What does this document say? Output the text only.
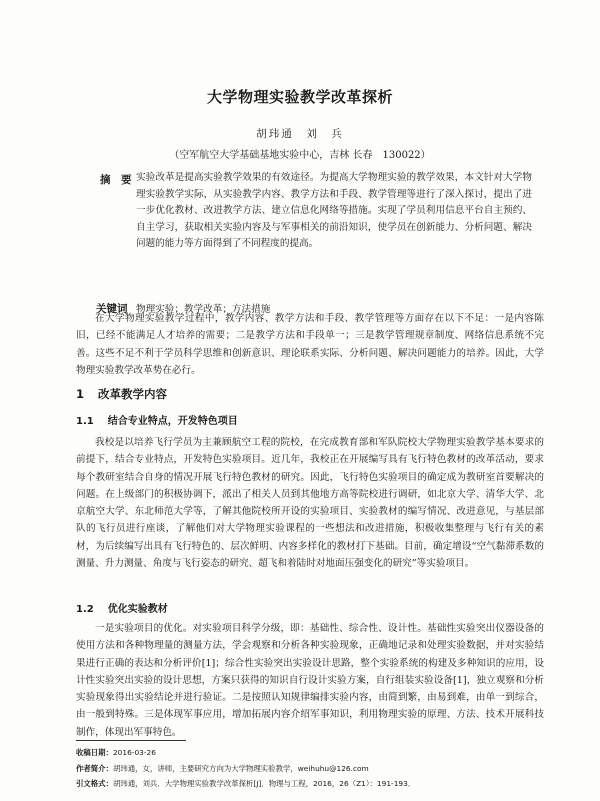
大学物理实验教学改革探析
胡玮通　刘　兵
（空军航空大学基础基地实验中心，吉林 长春　130022）
摘　要 实验改革是提高实验教学效果的有效途径。为提高大学物理实验的教学效果，本文针对大学物理实验教学实际，从实验教学内容、教学方法和手段、教学管理等进行了深入探讨，提出了进一步优化教材、改进教学方法、建立信息化网络等措施。实现了学员利用信息平台自主预约、自主学习，获取相关实验内容及与军事相关的前沿知识，使学员在创新能力、分析问题、解决问题的能力等方面得到了不同程度的提高。
关键词 物理实验；教学改革；方法措施
在大学物理实验教学过程中，教学内容、教学方法和手段、教学管理等方面存在以下不足：一是内容陈旧，已经不能满足人才培养的需要；二是教学方法和手段单一；三是教学管理规章制度、网络信息系统不完善。这些不足不利于学员科学思维和创新意识、理论联系实际、分析问题、解决问题能力的培养。因此，大学物理实验教学改革势在必行。
1 改革教学内容
1.1 结合专业特点，开发特色项目
我校是以培养飞行学员为主兼顾航空工程的院校，在完成教育部和军队院校大学物理实验教学基本要求的前提下，结合专业特点，开发特色实验项目。近几年，我校正在开展编写具有飞行特色教材的改革活动，要求每个教研室结合自身的情况开展飞行特色教材的研究。因此，飞行特色实验项目的确定成为教研室首要解决的问题。在上级部门的积极协调下，派出了相关人员到其他地方高等院校进行调研，如北京大学、清华大学、北京航空大学、东北师范大学等，了解其他院校所开设的实验项目、实验教材的编写情况、改进意见，与基层部队的飞行员进行座谈，了解他们对大学物理实验课程的一些想法和改进措施，积极收集整理与飞行有关的素材，为后续编写出具有飞行特色的、层次鲜明、内容多样化的教材打下基础。目前，确定增设“空气黏滞系数的测量、升力测量、角度与飞行姿态的研究、超飞和着陆时对地面压强变化的研究”等实验项目。
1.2 优化实验教材
一是实验项目的优化。对实验项目科学分级，即：基础性、综合性、设计性。基础性实验突出仪器设备的使用方法和各种物理量的测量方法，学会观察和分析各种实验现象，正确地记录和处理实验数据，并对实验结果进行正确的表达和分析评价[1]；综合性实验突出实验设计思路，整个实验系统的构建及多种知识的应用，设计性实验突出实验的设计思想，方案只获得的知识自行设计实验方案，自行组装实验设备[1]，独立观察和分析实验现象得出实验结论并进行验证。二是按照认知规律编排实验内容，由简到繁，由易到难，由单一到综合，由一般到特殊。三是体现军事应用，增加拓展内容介绍军事知识，利用物理实验的原理、方法、技术开展科技制作，体现出军事特色。
收稿日期：2016-03-26
作者简介：胡玮通，女，讲师，主要研究方向为大学物理实验教学，weihuhu@126.com
引文格式：胡玮通，刘兵．大学物理实验教学改革探析[J]．物理与工程，2016，26（Z1）：191-193．
